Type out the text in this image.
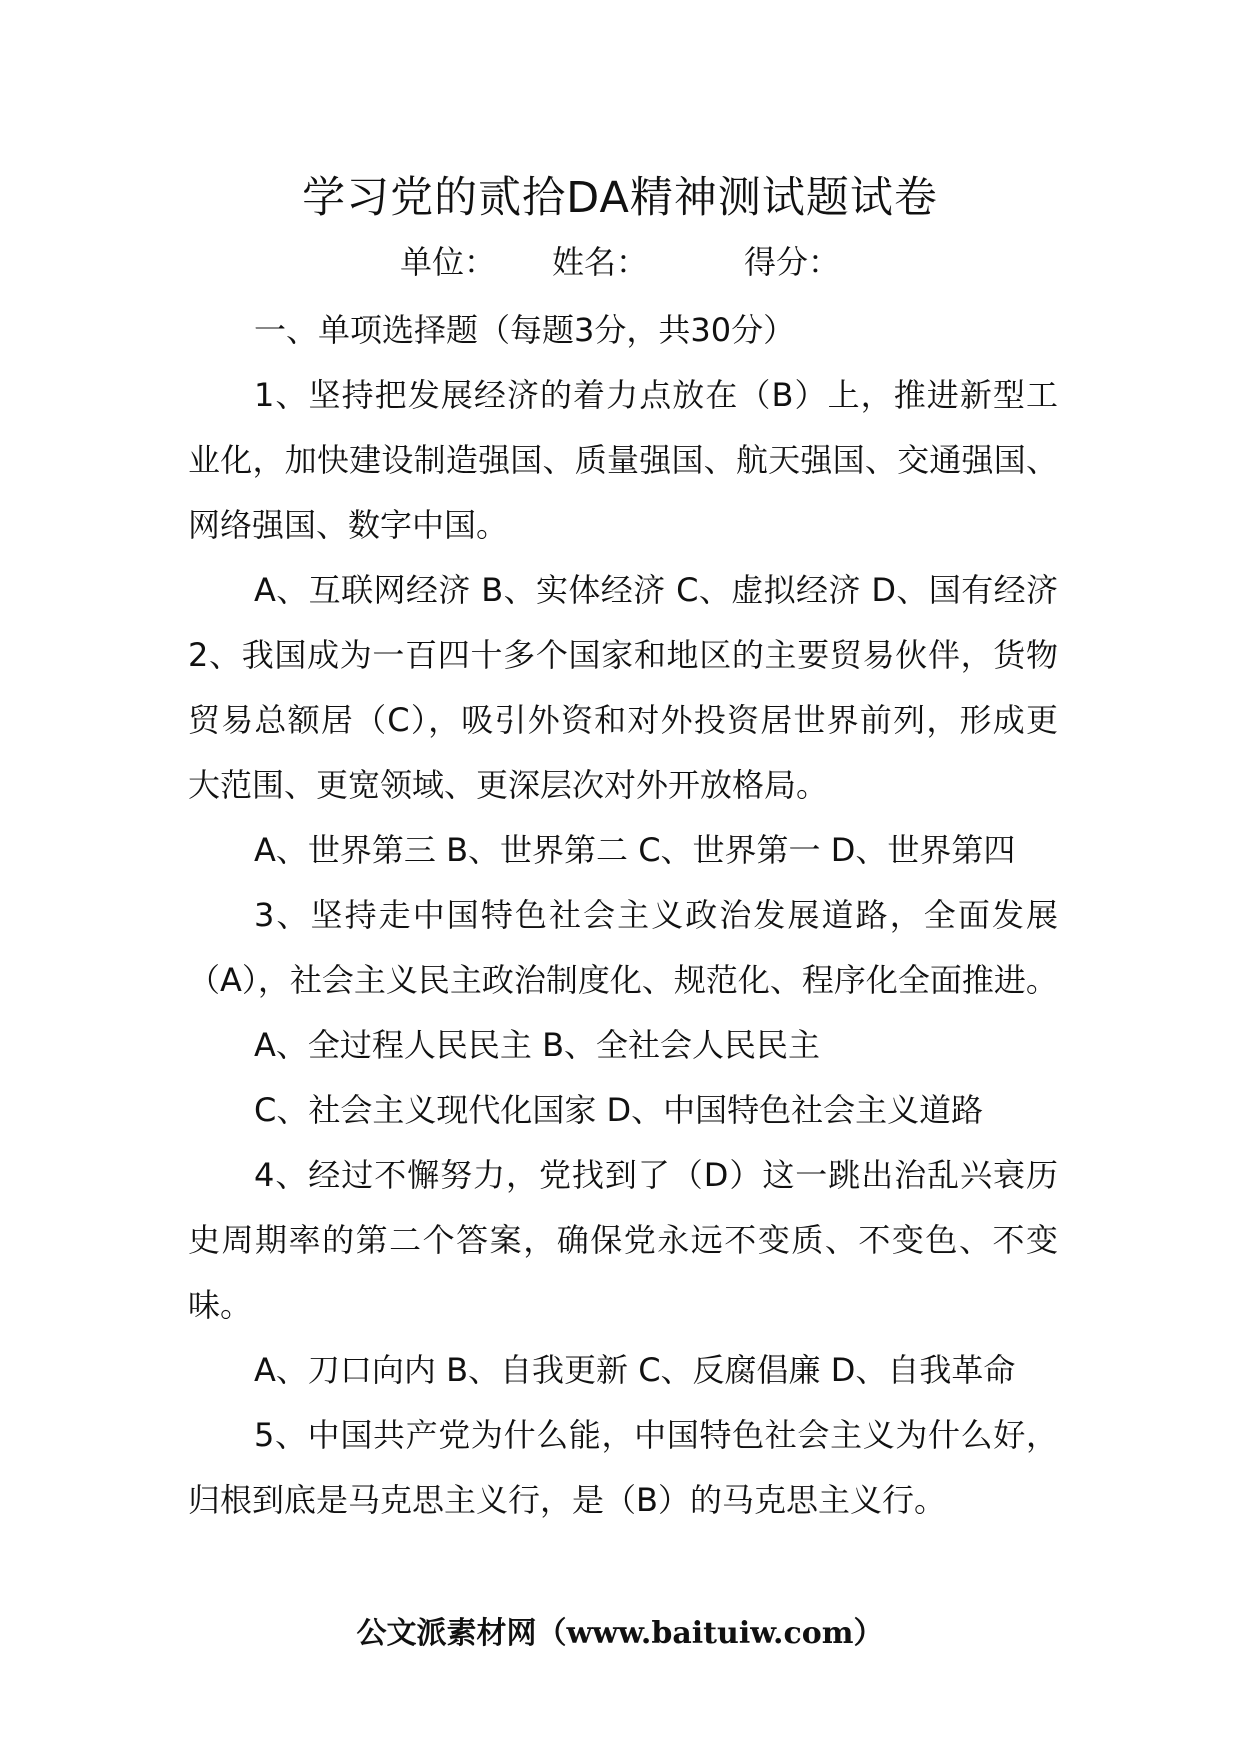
学习党的贰拾DA精神测试题试卷
单位： 姓名：	得分：

一、单项选择题（每题3分，共30分）

1、坚持把发展经济的着力点放在（B）上，推进新型工业化，加快建设制造强国、质量强国、航天强国、交通强国、网络强国、数字中国。

A、互联网经济 B、实体经济 C、虚拟经济 D、国有经济 2、我国成为一百四十多个国家和地区的主要贸易伙伴，货物贸易总额居（C），吸引外资和对外投资居世界前列，形成更大范围、更宽领域、更深层次对外开放格局。

A、世界第三 B、世界第二 C、世界第一 D、世界第四

3、坚持走中国特色社会主义政治发展道路，全面发展（A），社会主义民主政治制度化、规范化、程序化全面推进。

A、全过程人民民主 B、全社会人民民主

C、社会主义现代化国家 D、中国特色社会主义道路

4、经过不懈努力，党找到了（D）这一跳出治乱兴衰历史周期率的第二个答案，确保党永远不变质、不变色、不变味。

A、刀口向内 B、自我更新 C、反腐倡廉 D、自我革命

5、中国共产党为什么能，中国特色社会主义为什么好，归根到底是马克思主义行，是（B）的马克思主义行。

公文派素材网（www.baituiw.com）
